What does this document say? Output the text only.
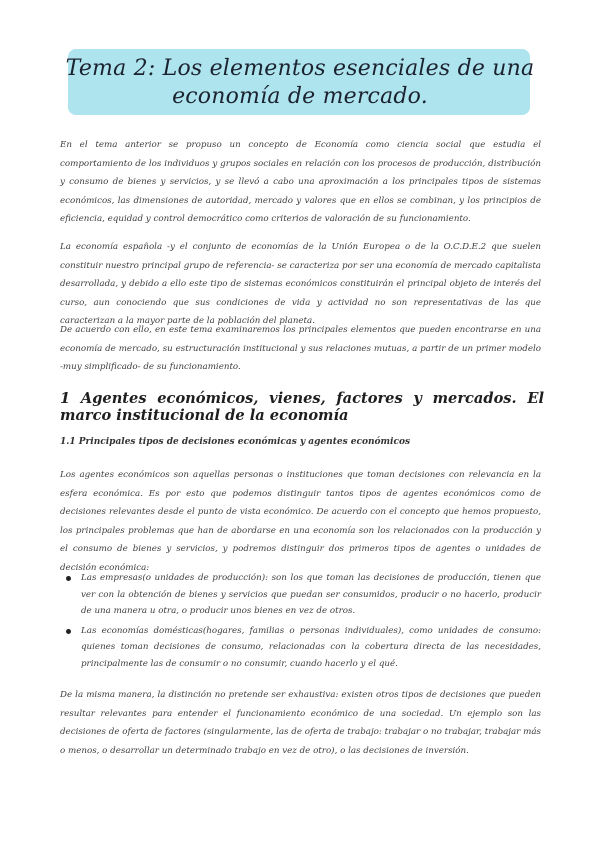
Tema 2: Los elementos esenciales de una
economía de mercado.

En el tema anterior se propuso un concepto de Economía como ciencia social que estudia el comportamiento de los individuos y grupos sociales en relación con los procesos de producción, distribución y consumo de bienes y servicios, y se llevó a cabo una aproximación a los principales tipos de sistemas económicos, las dimensiones de autoridad, mercado y valores que en ellos se combinan, y los principios de eficiencia, equidad y control democrático como criterios de valoración de su funcionamiento.

La economía española -y el conjunto de economías de la Unión Europea o de la O.C.D.E.2 que suelen constituir nuestro principal grupo de referencia- se caracteriza por ser una economía de mercado capitalista desarrollada, y debido a ello este tipo de sistemas económicos constituirán el principal objeto de interés del curso, aun conociendo que sus condiciones de vida y actividad no son representativas de las que caracterizan a la mayor parte de la población del planeta.

De acuerdo con ello, en este tema examinaremos los principales elementos que pueden encontrarse en una economía de mercado, su estructuración institucional y sus relaciones mutuas, a partir de un primer modelo -muy simplificado- de su funcionamiento.

1 Agentes económicos, vienes, factores y mercados. El marco institucional de la economía
1.1 Principales tipos de decisiones económicas y agentes económicos

Los agentes económicos son aquellas personas o instituciones que toman decisiones con relevancia en la esfera económica. Es por esto que podemos distinguir tantos tipos de agentes económicos como de decisiones relevantes desde el punto de vista económico. De acuerdo con el concepto que hemos propuesto, los principales problemas que han de abordarse en una economía son los relacionados con la producción y el consumo de bienes y servicios, y podremos distinguir dos primeros tipos de agentes o unidades de decisión económica:

Las empresas(o unidades de producción): son los que toman las decisiones de producción, tienen que ver con la obtención de bienes y servicios que puedan ser consumidos, producir o no hacerlo, producir de una manera u otra, o producir unos bienes en vez de otros.
Las economías domésticas(hogares, familias o personas individuales), como unidades de consumo: quienes toman decisiones de consumo, relacionadas con la cobertura directa de las necesidades, principalmente las de consumir o no consumir, cuando hacerlo y el qué.

De la misma manera, la distinción no pretende ser exhaustiva: existen otros tipos de decisiones que pueden resultar relevantes para entender el funcionamiento económico de una sociedad. Un ejemplo son las decisiones de oferta de factores (singularmente, las de oferta de trabajo: trabajar o no trabajar, trabajar más o menos, o desarrollar un determinado trabajo en vez de otro), o las decisiones de inversión.
